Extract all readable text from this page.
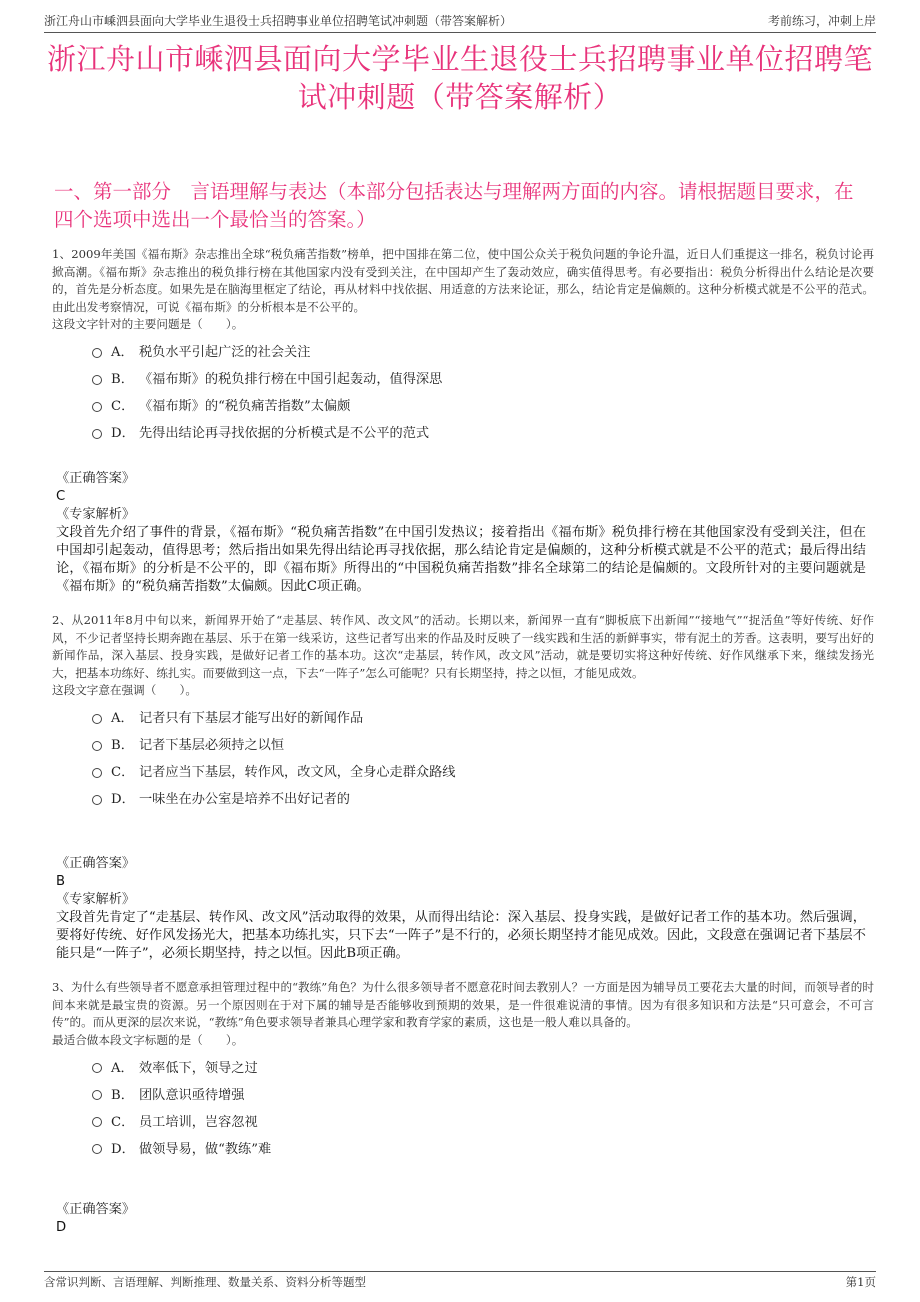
浙江舟山市嵊泗县面向大学毕业生退役士兵招聘事业单位招聘笔试冲刺题（带答案解析）	考前练习，冲刺上岸
浙江舟山市嵊泗县面向大学毕业生退役士兵招聘事业单位招聘笔试冲刺题（带答案解析）
一、第一部分　言语理解与表达（本部分包括表达与理解两方面的内容。请根据题目要求，在四个选项中选出一个最恰当的答案。）
1、2009年美国《福布斯》杂志推出全球“税负痛苦指数”榜单，把中国排在第二位，使中国公众关于税负问题的争论升温，近日人们重提这一排名，税负讨论再掀高潮。《福布斯》杂志推出的税负排行榜在其他国家内没有受到关注，在中国却产生了轰动效应，确实值得思考。有必要指出：税负分析得出什么结论是次要的，首先是分析态度。如果先是在脑海里框定了结论，再从材料中找依据、用适意的方法来论证，那么，结论肯定是偏颇的。这种分析模式就是不公平的范式。由此出发考察情况，可说《福布斯》的分析根本是不公平的。
这段文字针对的主要问题是（　　）。
A． 税负水平引起广泛的社会关注
B． 《福布斯》的税负排行榜在中国引起轰动，值得深思
C． 《福布斯》的“税负痛苦指数”太偏颇
D． 先得出结论再寻找依据的分析模式是不公平的范式
《正确答案》
C
《专家解析》
文段首先介绍了事件的背景，《福布斯》“税负痛苦指数”在中国引发热议；接着指出《福布斯》税负排行榜在其他国家没有受到关注，但在中国却引起轰动，值得思考；然后指出如果先得出结论再寻找依据，那么结论肯定是偏颇的，这种分析模式就是不公平的范式；最后得出结论，《福布斯》的分析是不公平的，即《福布斯》所得出的“中国税负痛苦指数”排名全球第二的结论是偏颇的。文段所针对的主要问题就是《福布斯》的“税负痛苦指数”太偏颇。因此C项正确。
2、从2011年8月中旬以来，新闻界开始了“走基层、转作风、改文风”的活动。长期以来，新闻界一直有“脚板底下出新闻”“接地气”“捉活鱼”等好传统、好作风，不少记者坚持长期奔跑在基层、乐于在第一线采访，这些记者写出来的作品及时反映了一线实践和生活的新鲜事实，带有泥土的芳香。这表明，要写出好的新闻作品，深入基层、投身实践，是做好记者工作的基本功。这次“走基层，转作风，改文风”活动，就是要切实将这种好传统、好作风继承下来，继续发扬光大，把基本功练好、练扎实。而要做到这一点，下去“一阵子”怎么可能呢？只有长期坚持，持之以恒，才能见成效。
这段文字意在强调（　　）。
A． 记者只有下基层才能写出好的新闻作品
B． 记者下基层必须持之以恒
C． 记者应当下基层，转作风，改文风，全身心走群众路线
D． 一味坐在办公室是培养不出好记者的
《正确答案》
B
《专家解析》
文段首先肯定了“走基层、转作风、改文风”活动取得的效果，从而得出结论：深入基层、投身实践，是做好记者工作的基本功。然后强调，要将好传统、好作风发扬光大，把基本功练扎实，只下去“一阵子”是不行的，必须长期坚持才能见成效。因此，文段意在强调记者下基层不能只是“一阵子”，必须长期坚持，持之以恒。因此B项正确。
3、为什么有些领导者不愿意承担管理过程中的“教练”角色？为什么很多领导者不愿意花时间去教别人？一方面是因为辅导员工要花去大量的时间，而领导者的时间本来就是最宝贵的资源。另一个原因则在于对下属的辅导是否能够收到预期的效果，是一件很难说清的事情。因为有很多知识和方法是“只可意会，不可言传”的。而从更深的层次来说，“教练”角色要求领导者兼具心理学家和教育学家的素质，这也是一般人难以具备的。
最适合做本段文字标题的是（　　）。
A． 效率低下，领导之过
B． 团队意识亟待增强
C． 员工培训，岂容忽视
D． 做领导易，做“教练”难
《正确答案》
D
含常识判断、言语理解、判断推理、数量关系、资料分析等题型	第1页
